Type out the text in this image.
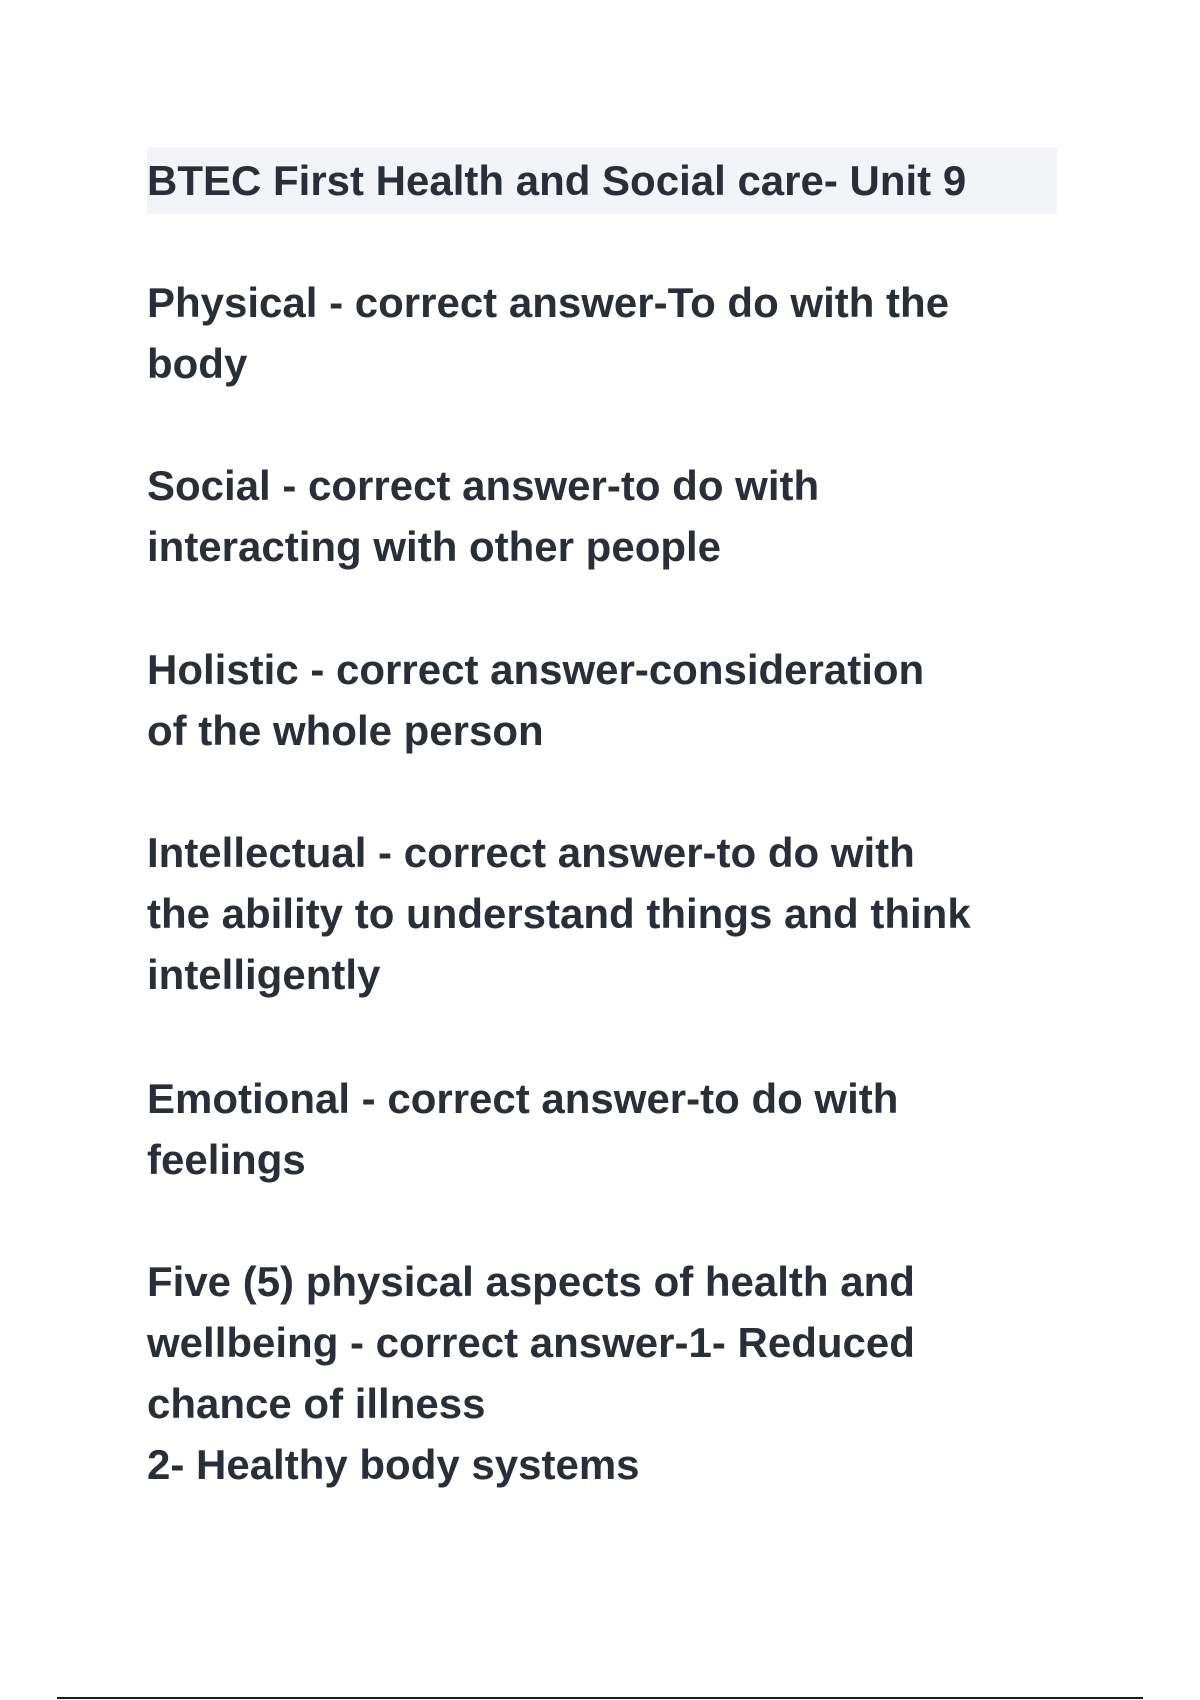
BTEC First Health and Social care- Unit 9

Physical - correct answer-To do with the
body

Social - correct answer-to do with
interacting with other people

Holistic - correct answer-consideration
of the whole person

Intellectual - correct answer-to do with
the ability to understand things and think
intelligently

Emotional - correct answer-to do with
feelings

Five (5) physical aspects of health and
wellbeing - correct answer-1- Reduced
chance of illness
2- Healthy body systems
